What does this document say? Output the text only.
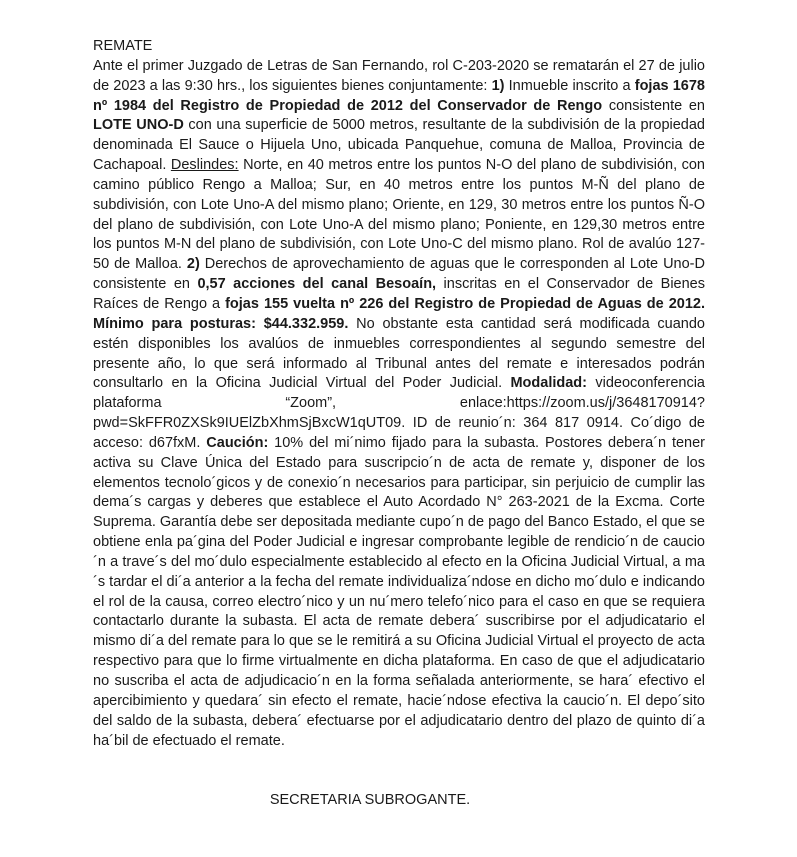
REMATE

Ante el primer Juzgado de Letras de San Fernando, rol C-203-2020 se rematarán el 27 de julio de 2023 a las 9:30 hrs., los siguientes bienes conjuntamente: 1) Inmueble inscrito a fojas 1678 nº 1984 del Registro de Propiedad de 2012 del Conservador de Rengo consistente en LOTE UNO-D con una superficie de 5000 metros, resultante de la subdivisión de la propiedad denominada El Sauce o Hijuela Uno, ubicada Panquehue, comuna de Malloa, Provincia de Cachapoal. Deslindes: Norte, en 40 metros entre los puntos N-O del plano de subdivisión, con camino público Rengo a Malloa; Sur, en 40 metros entre los puntos M-Ñ del plano de subdivisión, con Lote Uno-A del mismo plano; Oriente, en 129, 30 metros entre los puntos Ñ-O del plano de subdivisión, con Lote Uno-A del mismo plano; Poniente, en 129,30 metros entre los puntos M-N del plano de subdivisión, con Lote Uno-C del mismo plano. Rol de avalúo 127-50 de Malloa. 2) Derechos de aprovechamiento de aguas que le corresponden al Lote Uno-D consistente en 0,57 acciones del canal Besoaín, inscritas en el Conservador de Bienes Raíces de Rengo a fojas 155 vuelta nº 226 del Registro de Propiedad de Aguas de 2012. Mínimo para posturas: $44.332.959. No obstante esta cantidad será modificada cuando estén disponibles los avalúos de inmuebles correspondientes al segundo semestre del presente año, lo que será informado al Tribunal antes del remate e interesados podrán consultarlo en la Oficina Judicial Virtual del Poder Judicial. Modalidad: videoconferencia plataforma “Zoom”, enlace:https://zoom.us/j/3648170914? pwd=SkFFR0ZXSk9IUElZbXhmSjBxcW1qUT09. ID de reunio´n: 364 817 0914. Co´digo de acceso: d67fxM. Caución: 10% del mi´nimo fijado para la subasta. Postores debera´n tener activa su Clave Única del Estado para suscripcio´n de acta de remate y, disponer de los elementos tecnolo´gicos y de conexio´n necesarios para participar, sin perjuicio de cumplir las dema´s cargas y deberes que establece el Auto Acordado N° 263-2021 de la Excma. Corte Suprema. Garantía debe ser depositada mediante cupo´n de pago del Banco Estado, el que se obtiene enla pa´gina del Poder Judicial e ingresar comprobante legible de rendicio´n de caucio´n a trave´s del mo´dulo especialmente establecido al efecto en la Oficina Judicial Virtual, a ma´s tardar el di´a anterior a la fecha del remate individualiza´ndose en dicho mo´dulo e indicando el rol de la causa, correo electro´nico y un nu´mero telefo´nico para el caso en que se requiera contactarlo durante la subasta. El acta de remate debera´ suscribirse por el adjudicatario el mismo di´a del remate para lo que se le remitirá a su Oficina Judicial Virtual el proyecto de acta respectivo para que lo firme virtualmente en dicha plataforma. En caso de que el adjudicatario no suscriba el acta de adjudicacio´n en la forma señalada anteriormente, se hara´ efectivo el apercibimiento y quedara´ sin efecto el remate, hacie´ndose efectiva la caucio´n. El depo´sito del saldo de la subasta, debera´ efectuarse por el adjudicatario dentro del plazo de quinto di´a ha´bil de efectuado el remate.

SECRETARIA SUBROGANTE.
